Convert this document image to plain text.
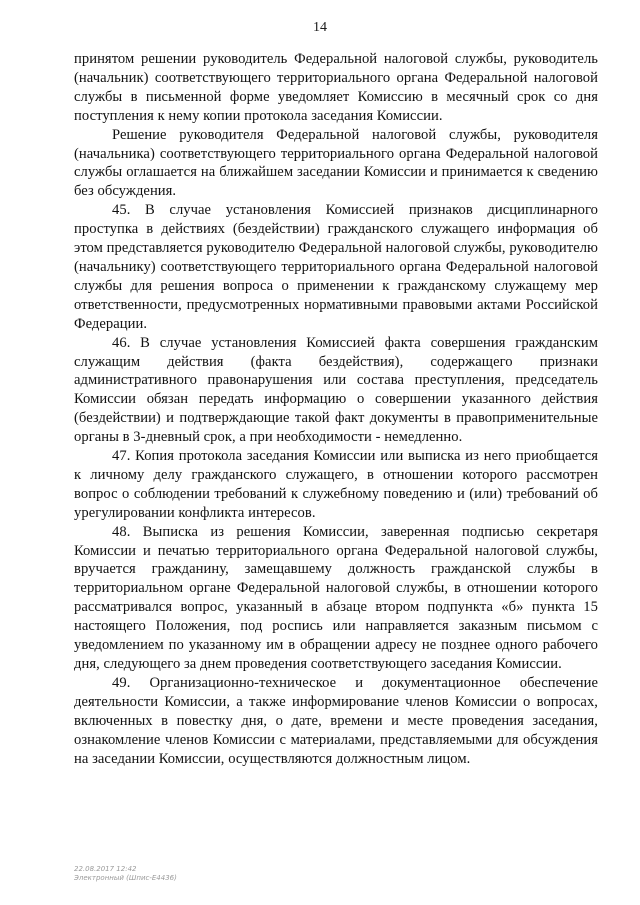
14

принятом решении руководитель Федеральной налоговой службы, руководитель (начальник) соответствующего территориального органа Федеральной налоговой службы в письменной форме уведомляет Комиссию в месячный срок со дня поступления к нему копии протокола заседания Комиссии.

Решение руководителя Федеральной налоговой службы, руководителя (начальника) соответствующего территориального органа Федеральной налоговой службы оглашается на ближайшем заседании Комиссии и принимается к сведению без обсуждения.

45. В случае установления Комиссией признаков дисциплинарного проступка в действиях (бездействии) гражданского служащего информация об этом представляется руководителю Федеральной налоговой службы, руководителю (начальнику) соответствующего территориального органа Федеральной налоговой службы для решения вопроса о применении к гражданскому служащему мер ответственности, предусмотренных нормативными правовыми актами Российской Федерации.

46. В случае установления Комиссией факта совершения гражданским служащим действия (факта бездействия), содержащего признаки административного правонарушения или состава преступления, председатель Комиссии обязан передать информацию о совершении указанного действия (бездействии) и подтверждающие такой факт документы в правоприменительные органы в 3-дневный срок, а при необходимости - немедленно.

47. Копия протокола заседания Комиссии или выписка из него приобщается к личному делу гражданского служащего, в отношении которого рассмотрен вопрос о соблюдении требований к служебному поведению и (или) требований об урегулировании конфликта интересов.

48. Выписка из решения Комиссии, заверенная подписью секретаря Комиссии и печатью территориального органа Федеральной налоговой службы, вручается гражданину, замещавшему должность гражданской службы в территориальном органе Федеральной налоговой службы, в отношении которого рассматривался вопрос, указанный в абзаце втором подпункта «б» пункта 15 настоящего Положения, под роспись или направляется заказным письмом с уведомлением по указанному им в обращении адресу не позднее одного рабочего дня, следующего за днем проведения соответствующего заседания Комиссии.

49. Организационно-техническое и документационное обеспечение деятельности Комиссии, а также информирование членов Комиссии о вопросах, включенных в повестку дня, о дате, времени и месте проведения заседания, ознакомление членов Комиссии с материалами, представляемыми для обсуждения на заседании Комиссии, осуществляются должностным лицом.

22.08.2017 12:42
Электронный (Шпис-Е4436)
